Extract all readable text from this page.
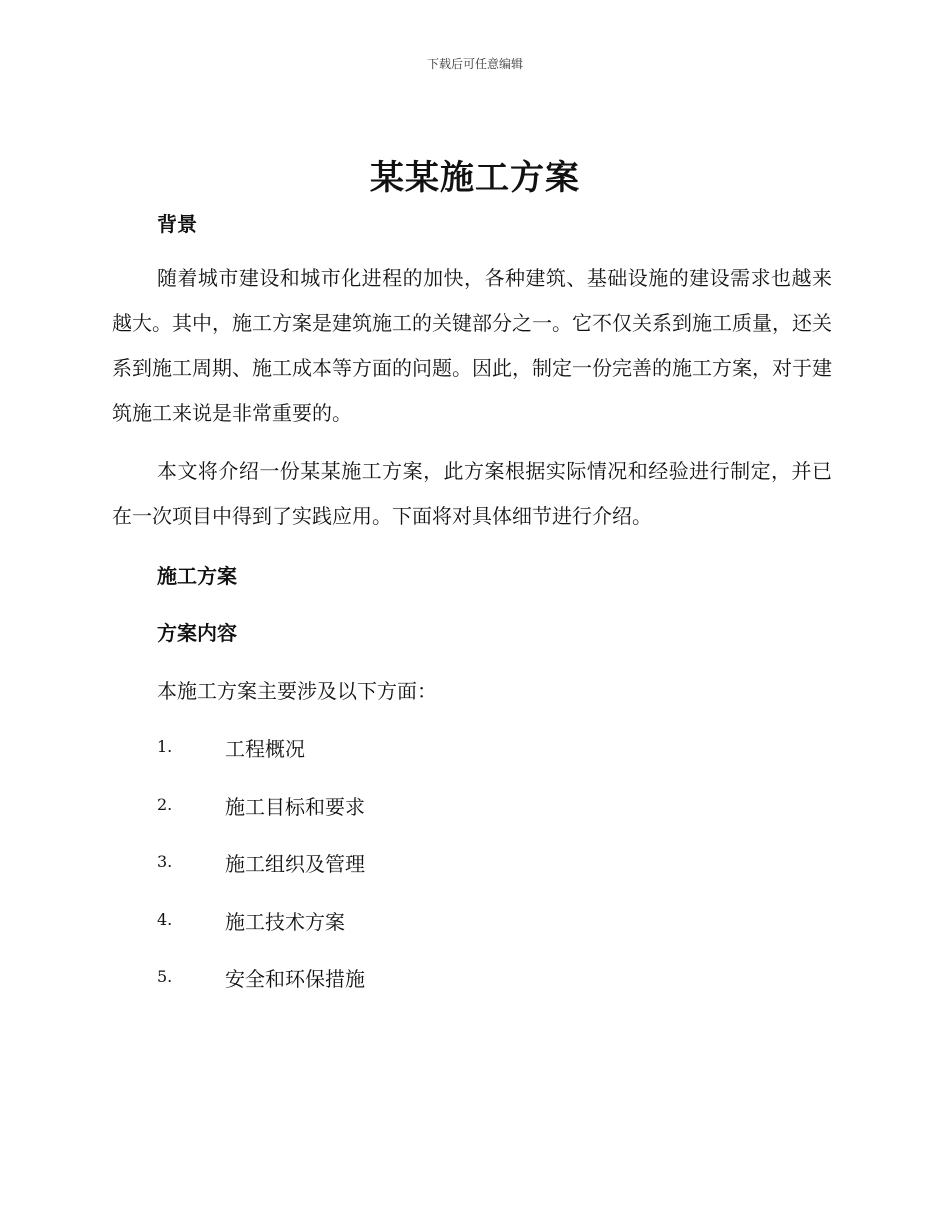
下载后可任意编辑
某某施工方案
背景

随着城市建设和城市化进程的加快，各种建筑、基础设施的建设需求也越来越大。其中，施工方案是建筑施工的关键部分之一。它不仅关系到施工质量，还关系到施工周期、施工成本等方面的问题。因此，制定一份完善的施工方案，对于建筑施工来说是非常重要的。

本文将介绍一份某某施工方案，此方案根据实际情况和经验进行制定，并已在一次项目中得到了实践应用。下面将对具体细节进行介绍。

施工方案
方案内容

本施工方案主要涉及以下方面：

1.	工程概况
2.	施工目标和要求
3.	施工组织及管理
4.	施工技术方案
5.	安全和环保措施
